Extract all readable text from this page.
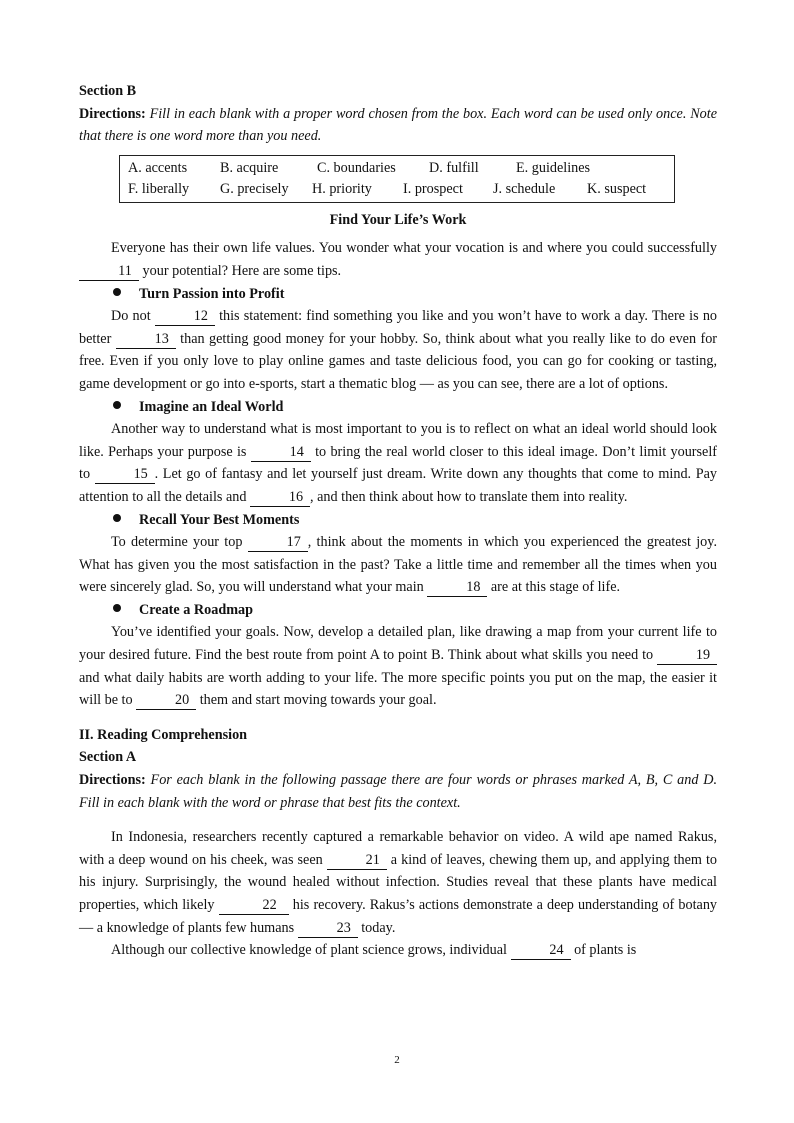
Section B

Directions: Fill in each blank with a proper word chosen from the box. Each word can be used only once. Note that there is one word more than you need.

A. accents	B. acquire	C. boundaries	D. fulfill	E. guidelines
F. liberally	G. precisely	H. priority	I. prospect	J. schedule	K. suspect

Find Your Life’s Work

Everyone has their own life values. You wonder what your vocation is and where you could successfully 11 your potential? Here are some tips.

Turn Passion into Profit

Do not	12 this statement: find something you like and you won’t have to work a day. There is no better	13 than getting good money for your hobby. So, think about what you really like to do even for free. Even if you only love to play online games and taste delicious food, you can go for cooking or tasting, game development or go into e-sports, start a thematic blog — as you can see, there are a lot of options.

Imagine an Ideal World

Another way to understand what is most important to you is to reflect on what an ideal world should look like. Perhaps your purpose is	14 to bring the real world closer to this ideal image. Don’t limit yourself to	15 . Let go of fantasy and let yourself just dream. Write down any thoughts that come to mind. Pay attention to all the details and	16 , and then think about how to translate them into reality.

Recall Your Best Moments

To determine your top	17 , think about the moments in which you experienced the greatest joy. What has given you the most satisfaction in the past? Take a little time and remember all the times when you were sincerely glad. So, you will understand what your main	18 are at this stage of life.

Create a Roadmap

You’ve identified your goals. Now, develop a detailed plan, like drawing a map from your current life to your desired future. Find the best route from point A to point B. Think about what skills you need to	19 and what daily habits are worth adding to your life. The more specific points you put on the map, the easier it will be to	20 them and start moving towards your goal.

II. Reading Comprehension

Section A

Directions: For each blank in the following passage there are four words or phrases marked A, B, C and D. Fill in each blank with the word or phrase that best fits the context.

In Indonesia, researchers recently captured a remarkable behavior on video. A wild ape named Rakus, with a deep wound on his cheek, was seen	21 a kind of leaves, chewing them up, and applying them to his injury. Surprisingly, the wound healed without infection. Studies reveal that these plants have medical properties, which likely	22 his recovery. Rakus’s actions demonstrate a deep understanding of botany — a knowledge of plants few humans	23 today.

Although our collective knowledge of plant science grows, individual	24 of plants is

2
